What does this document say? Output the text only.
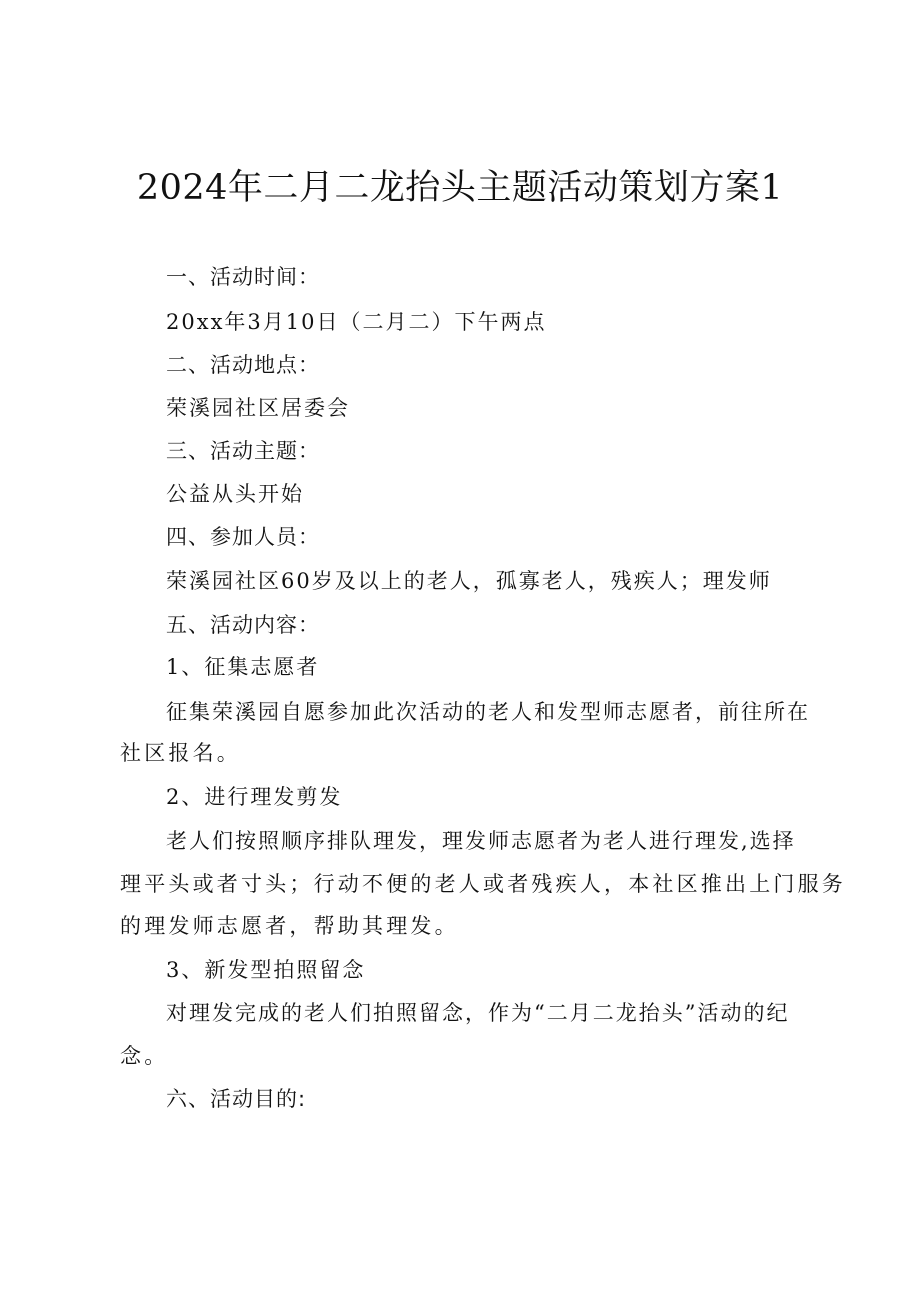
2024年二月二龙抬头主题活动策划方案1
一、活动时间：
20xx年3月10日（二月二）下午两点
二、活动地点：
荣溪园社区居委会
三、活动主题：
公益从头开始
四、参加人员：
荣溪园社区60岁及以上的老人，孤寡老人，残疾人；理发师
五、活动内容：
1、征集志愿者
征集荣溪园自愿参加此次活动的老人和发型师志愿者，前往所在
社区报名。
2、进行理发剪发
老人们按照顺序排队理发，理发师志愿者为老人进行理发,选择
理平头或者寸头；行动不便的老人或者残疾人，本社区推出上门服务
的理发师志愿者，帮助其理发。
3、新发型拍照留念
对理发完成的老人们拍照留念，作为“二月二龙抬头”活动的纪
念。
六、活动目的:
